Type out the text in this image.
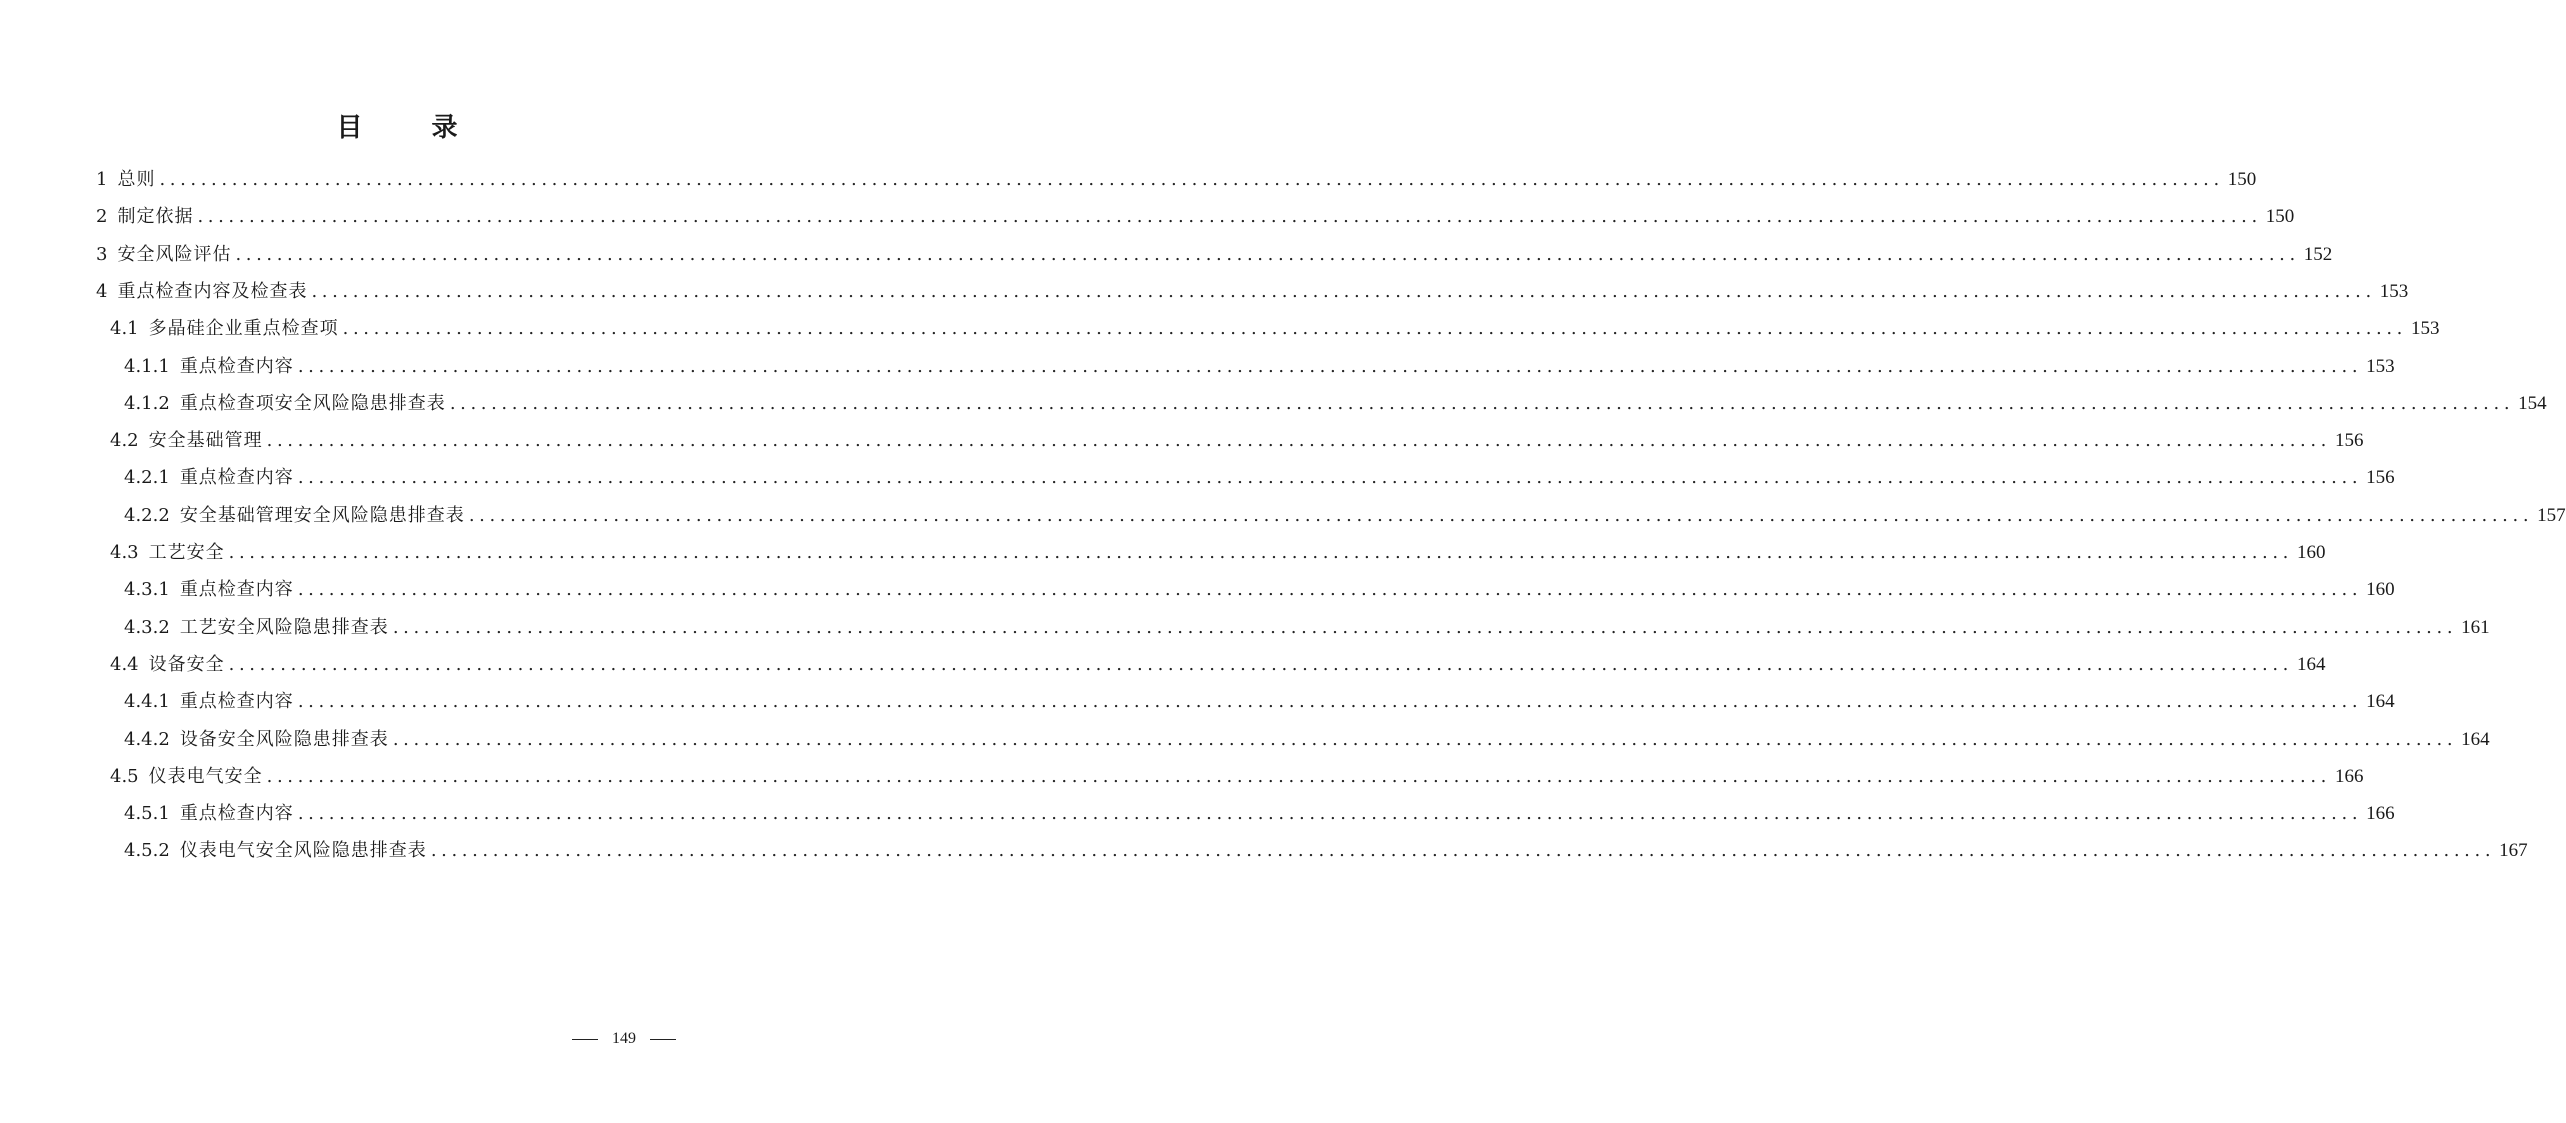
目 录
1 总则 ........................................................................................................................................................................................................ 150
2 制定依据 ........................................................................................................................................................................................................ 150
3 安全风险评估 ........................................................................................................................................................................................................ 152
4 重点检查内容及检查表 ........................................................................................................................................................................................................ 153
4.1 多晶硅企业重点检查项 ........................................................................................................................................................................................................ 153
4.1.1 重点检查内容 ........................................................................................................................................................................................................ 153
4.1.2 重点检查项安全风险隐患排查表 ........................................................................................................................................................................................................ 154
4.2 安全基础管理 ........................................................................................................................................................................................................ 156
4.2.1 重点检查内容 ........................................................................................................................................................................................................ 156
4.2.2 安全基础管理安全风险隐患排查表 ........................................................................................................................................................................................................ 157
4.3 工艺安全 ........................................................................................................................................................................................................ 160
4.3.1 重点检查内容 ........................................................................................................................................................................................................ 160
4.3.2 工艺安全风险隐患排查表 ........................................................................................................................................................................................................ 161
4.4 设备安全 ........................................................................................................................................................................................................ 164
4.4.1 重点检查内容 ........................................................................................................................................................................................................ 164
4.4.2 设备安全风险隐患排查表 ........................................................................................................................................................................................................ 164
4.5 仪表电气安全 ........................................................................................................................................................................................................ 166
4.5.1 重点检查内容 ........................................................................................................................................................................................................ 166
4.5.2 仪表电气安全风险隐患排查表 ........................................................................................................................................................................................................ 167
149
